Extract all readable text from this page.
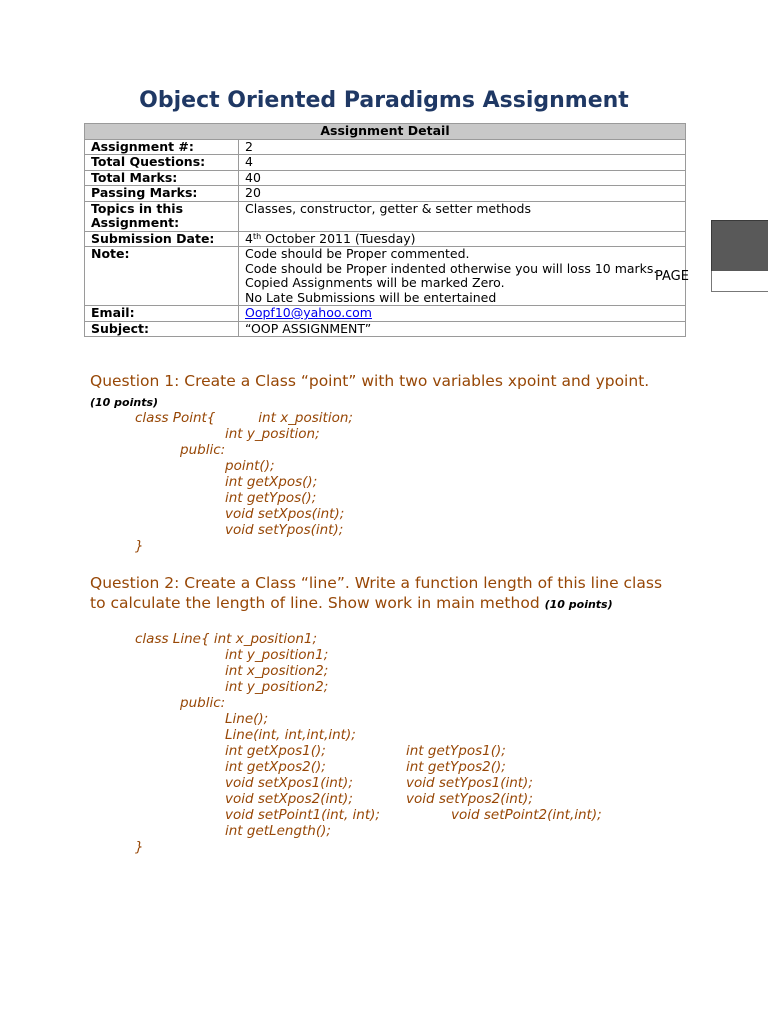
Object Oriented Paradigms Assignment
Assignment Detail	
Assignment #:	2
Total Questions:	4
Total Marks:	40
Passing Marks:	20
Topics in this Assignment:	Classes, constructor, getter & setter methods
Submission Date:	4th October 2011 (Tuesday)
Note:	Code should be Proper commented.
Code should be Proper indented otherwise you will loss 10 marks.
Copied Assignments will be marked Zero.
No Late Submissions will be entertained

Email:	Oopf10@yahoo.com
Subject:	“OOP ASSIGNMENT”
PAGE
Question 1: Create a Class “point” with two variables xpoint and ypoint. (10 points)
class Point{          int x_position;
int y_position;
public:
point();
int getXpos();
int getYpos();
void setXpos(int);
void setYpos(int);
}
Question 2: Create a Class “line”. Write a function length of this line class to calculate the length of line. Show work in main method (10 points)
class Line{ int x_position1;
int y_position1;
int x_position2;
int y_position2;
public:
Line();
Line(int, int,int,int);
int getXpos1();	int getYpos1();
int getXpos2();	int getYpos2();
void setXpos1(int);	void setYpos1(int);
void setXpos2(int);	void setYpos2(int);
void setPoint1(int, int);	void setPoint2(int,int);
int getLength();
}
